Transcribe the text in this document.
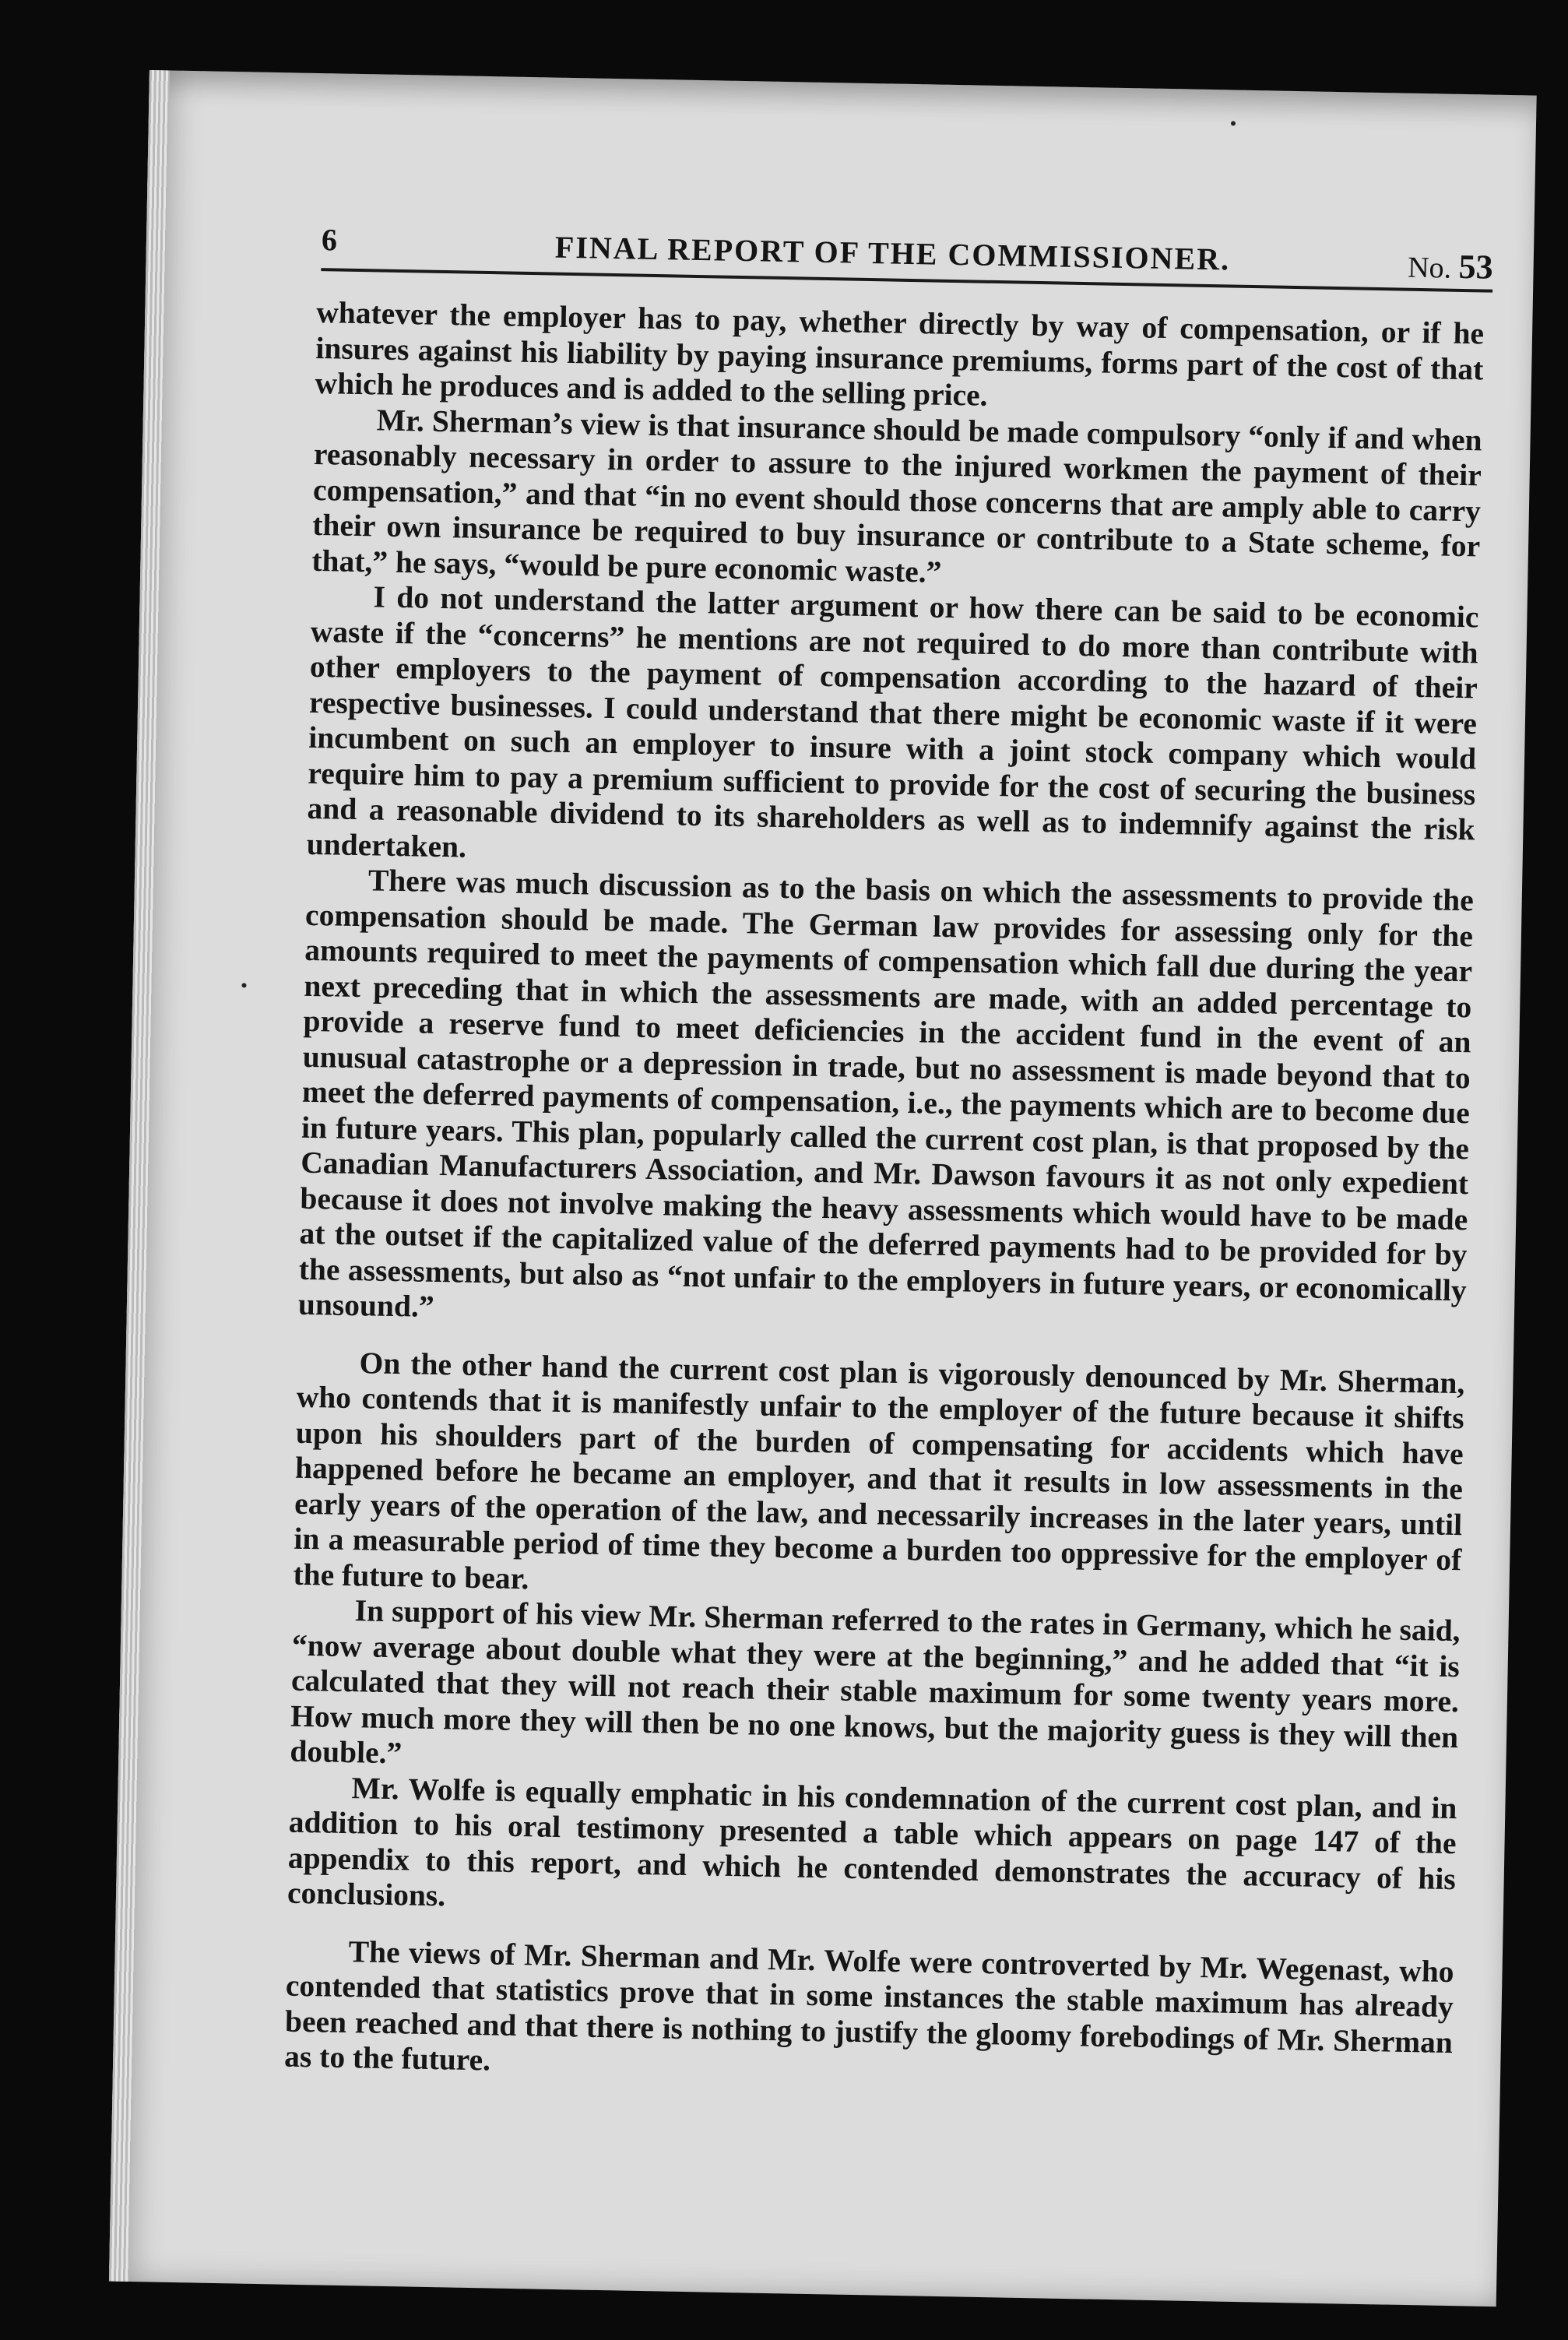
6	FINAL REPORT OF THE COMMISSIONER.	No. 53

whatever the employer has to pay, whether directly by way of compensation, or if he insures against his liability by paying insurance premiums, forms part of the cost of that which he produces and is added to the selling price.

Mr. Sherman’s view is that insurance should be made compulsory “only if and when reasonably necessary in order to assure to the injured workmen the payment of their compensation,” and that “in no event should those concerns that are amply able to carry their own insurance be required to buy insurance or contribute to a State scheme, for that,” he says, “would be pure economic waste.”

I do not understand the latter argument or how there can be said to be economic waste if the “concerns” he mentions are not required to do more than contribute with other employers to the payment of compensation according to the hazard of their respective businesses. I could understand that there might be economic waste if it were incumbent on such an employer to insure with a joint stock company which would require him to pay a premium sufficient to provide for the cost of securing the business and a reasonable dividend to its shareholders as well as to indemnify against the risk undertaken.

There was much discussion as to the basis on which the assessments to provide the compensation should be made. The German law provides for assessing only for the amounts required to meet the payments of compensation which fall due during the year next preceding that in which the assessments are made, with an added percentage to provide a reserve fund to meet deficiencies in the accident fund in the event of an unusual catastrophe or a depression in trade, but no assessment is made beyond that to meet the deferred payments of compensation, i.e., the payments which are to become due in future years. This plan, popularly called the current cost plan, is that proposed by the Canadian Manufacturers Association, and Mr. Dawson favours it as not only expedient because it does not involve making the heavy assessments which would have to be made at the outset if the capitalized value of the deferred payments had to be provided for by the assessments, but also as “not unfair to the employers in future years, or economically unsound.”

On the other hand the current cost plan is vigorously denounced by Mr. Sherman, who contends that it is manifestly unfair to the employer of the future because it shifts upon his shoulders part of the burden of compensating for accidents which have happened before he became an employer, and that it results in low assessments in the early years of the operation of the law, and necessarily increases in the later years, until in a measurable period of time they become a burden too oppressive for the employer of the future to bear.

In support of his view Mr. Sherman referred to the rates in Germany, which he said, “now average about double what they were at the beginning,” and he added that “it is calculated that they will not reach their stable maximum for some twenty years more. How much more they will then be no one knows, but the majority guess is they will then double.”

Mr. Wolfe is equally emphatic in his condemnation of the current cost plan, and in addition to his oral testimony presented a table which appears on page 147 of the appendix to this report, and which he contended demonstrates the accuracy of his conclusions.

The views of Mr. Sherman and Mr. Wolfe were controverted by Mr. Wegenast, who contended that statistics prove that in some instances the stable maximum has already been reached and that there is nothing to justify the gloomy forebodings of Mr. Sherman as to the future.
